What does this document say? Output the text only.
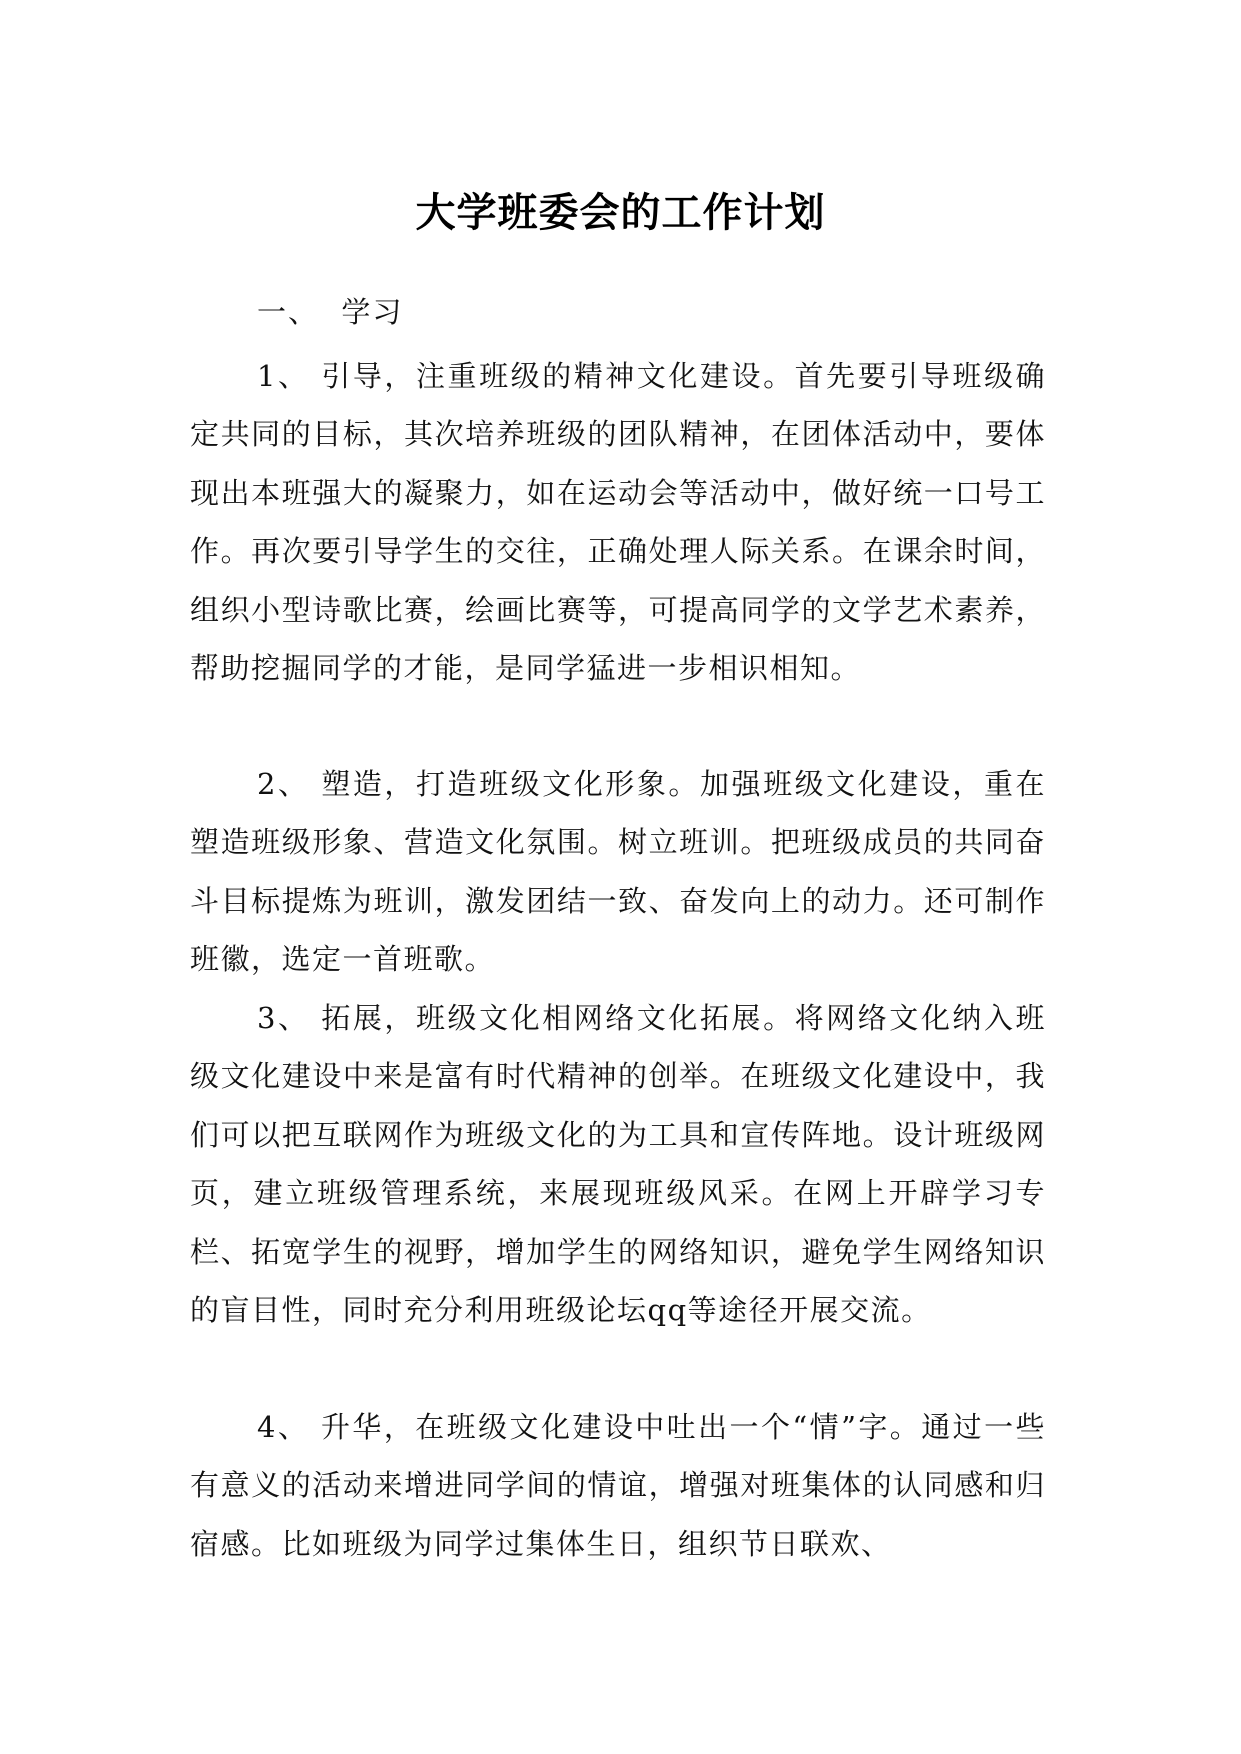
大学班委会的工作计划
一、  学习

1、 引导，注重班级的精神文化建设。首先要引导班级确定共同的目标，其次培养班级的团队精神，在团体活动中，要体现出本班强大的凝聚力，如在运动会等活动中，做好统一口号工作。再次要引导学生的交往，正确处理人际关系。在课余时间，组织小型诗歌比赛，绘画比赛等，可提高同学的文学艺术素养，帮助挖掘同学的才能，是同学猛进一步相识相知。

2、 塑造，打造班级文化形象。加强班级文化建设，重在塑造班级形象、营造文化氛围。树立班训。把班级成员的共同奋斗目标提炼为班训，激发团结一致、奋发向上的动力。还可制作班徽，选定一首班歌。

3、 拓展，班级文化相网络文化拓展。将网络文化纳入班级文化建设中来是富有时代精神的创举。在班级文化建设中，我们可以把互联网作为班级文化的为工具和宣传阵地。设计班级网页，建立班级管理系统，来展现班级风采。在网上开辟学习专栏、拓宽学生的视野，增加学生的网络知识，避免学生网络知识的盲目性，同时充分利用班级论坛qq等途径开展交流。

4、 升华，在班级文化建设中吐出一个“情”字。通过一些有意义的活动来增进同学间的情谊，增强对班集体的认同感和归宿感。比如班级为同学过集体生日，组织节日联欢、
